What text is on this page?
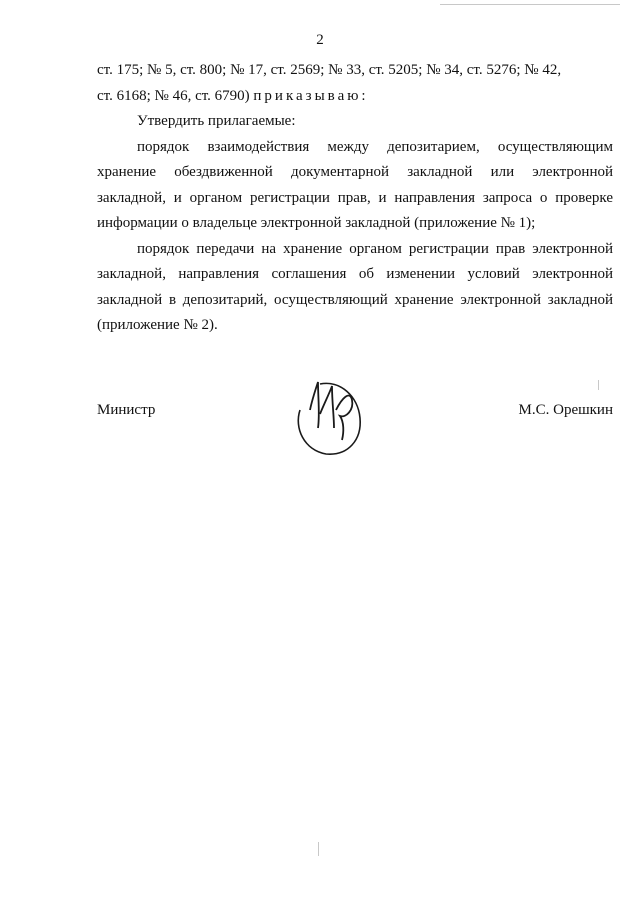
2

ст. 175; № 5, ст. 800; № 17, ст. 2569; № 33, ст. 5205; № 34, ст. 5276; № 42,

ст. 6168; № 46, ст. 6790) приказываю:

Утвердить прилагаемые:

порядок взаимодействия между депозитарием, осуществляющим хранение обездвиженной документарной закладной или электронной закладной, и органом регистрации прав, и направления запроса о проверке информации о владельце электронной закладной (приложение № 1);

порядок передачи на хранение органом регистрации прав электронной закладной, направления соглашения об изменении условий электронной закладной в депозитарий, осуществляющий хранение электронной закладной (приложение № 2).

Министр	М.С. Орешкин
